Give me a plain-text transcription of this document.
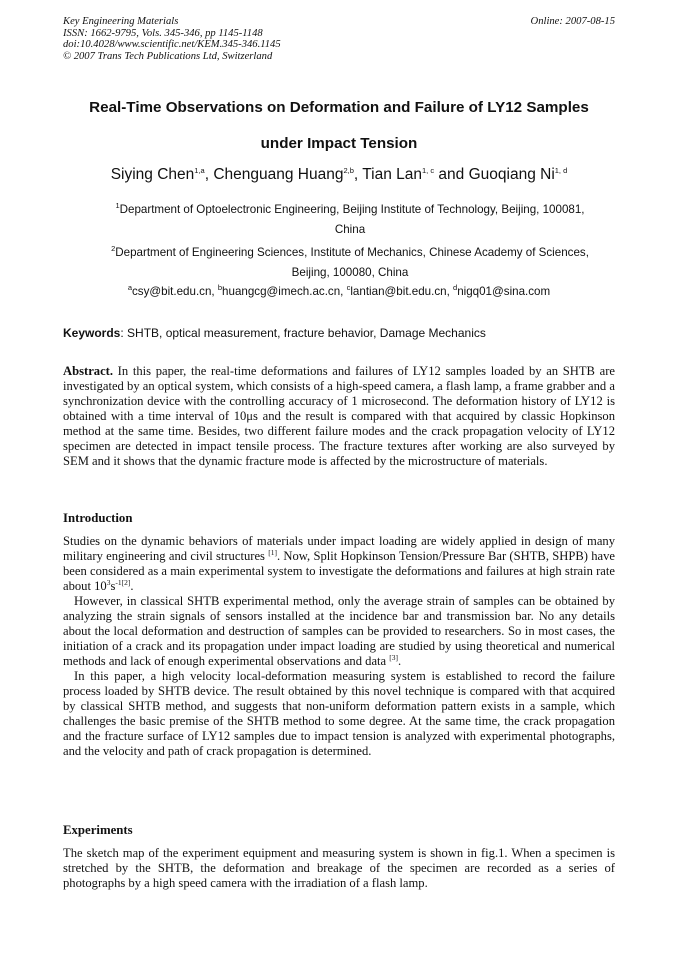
Key Engineering Materials
ISSN: 1662-9795, Vols. 345-346, pp 1145-1148
doi:10.4028/www.scientific.net/KEM.345-346.1145
© 2007 Trans Tech Publications Ltd, Switzerland
Online: 2007-08-15
Real-Time Observations on Deformation and Failure of LY12 Samples
under Impact Tension
Siying Chen$^{1,a}$, Chenguang Huang$^{2,b}$, Tian Lan$^{1, c}$ and Guoqiang Ni$^{1, d}$
$^1$Department of Optoelectronic Engineering, Beijing Institute of Technology, Beijing, 100081,
China
$^2$Department of Engineering Sciences, Institute of Mechanics, Chinese Academy of Sciences,
Beijing, 100080, China
$^a$csy@bit.edu.cn, $^b$huangcg@imech.ac.cn, $^c$lantian@bit.edu.cn, $^d$nigq01@sina.com
Keywords: SHTB, optical measurement, fracture behavior, Damage Mechanics

Abstract. In this paper, the real-time deformations and failures of LY12 samples loaded by an SHTB are investigated by an optical system, which consists of a high-speed camera, a flash lamp, a frame grabber and a synchronization device with the controlling accuracy of 1 microsecond. The deformation history of LY12 is obtained with a time interval of 10μs and the result is compared with that acquired by classic Hopkinson method at the same time. Besides, two different failure modes and the crack propagation velocity of LY12 specimen are detected in impact tensile process. The fracture textures after working are also surveyed by SEM and it shows that the dynamic fracture mode is affected by the microstructure of materials.

Introduction

Studies on the dynamic behaviors of materials under impact loading are widely applied in design of many military engineering and civil structures [1]. Now, Split Hopkinson Tension/Pressure Bar (SHTB, SHPB) have been considered as a main experimental system to investigate the deformations and failures at high strain rate about $10^3s^{-1[2]}$.

However, in classical SHTB experimental method, only the average strain of samples can be obtained by analyzing the strain signals of sensors installed at the incidence bar and transmission bar. No any details about the local deformation and destruction of samples can be provided to researchers. So in most cases, the initiation of a crack and its propagation under impact loading are studied by using theoretical and numerical methods and lack of enough experimental observations and data [3].

In this paper, a high velocity local-deformation measuring system is established to record the failure process loaded by SHTB device. The result obtained by this novel technique is compared with that acquired by classical SHTB method, and suggests that non-uniform deformation pattern exists in a sample, which challenges the basic premise of the SHTB method to some degree. At the same time, the crack propagation and the fracture surface of LY12 samples due to impact tension is analyzed with experimental photographs, and the velocity and path of crack propagation is determined.

Experiments

The sketch map of the experiment equipment and measuring system is shown in fig.1. When a specimen is stretched by the SHTB, the deformation and breakage of the specimen are recorded as a series of photographs by a high speed camera with the irradiation of a flash lamp.
